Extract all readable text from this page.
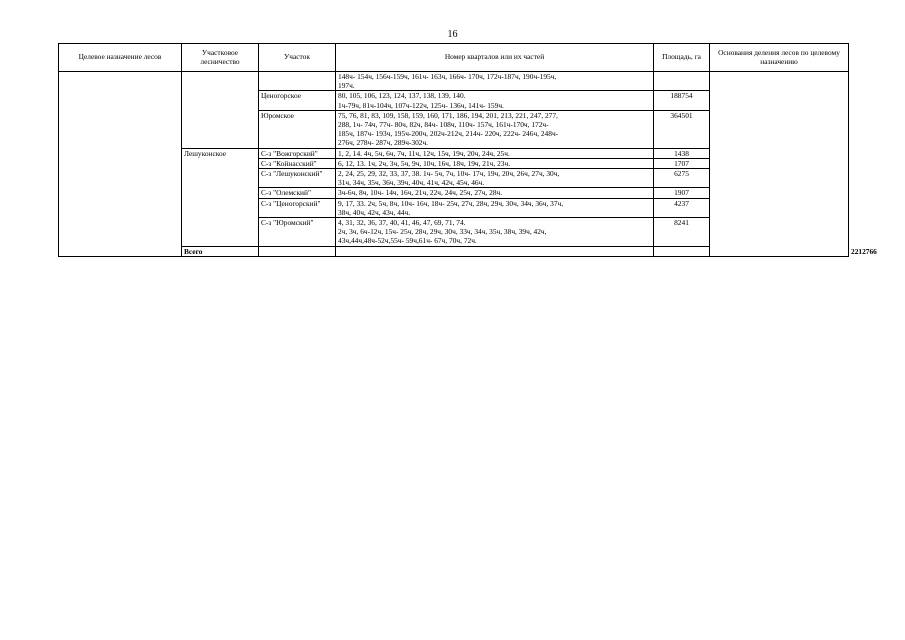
16
Целевое назначение лесов	Участковое лесничество	Участок	Номер кварталов или их частей	Площадь, га	Основания деления лесов по целевому назначению	

			148ч- 154ч, 156ч-159ч, 161ч- 163ч, 166ч- 170ч, 172ч-187ч, 190ч-195ч,
197ч.			

		Ценогорское	80, 105, 106, 123, 124, 137, 138, 139, 140.
1ч-79ч, 81ч-104ч, 107ч-122ч, 125ч- 136ч, 141ч- 159ч.	188754		
		Юромское	75, 76, 81, 83, 109, 158, 159, 160, 171, 186, 194, 201, 213, 221, 247, 277,
288, 1ч- 74ч, 77ч- 80ч, 82ч, 84ч- 108ч, 110ч- 157ч, 161ч-170ч, 172ч-
185ч, 187ч- 193ч, 195ч-200ч, 202ч-212ч, 214ч- 220ч, 222ч- 246ч, 248ч-
276ч, 278ч- 287ч, 289ч-302ч.	364501		
	Лешуконское	С-з "Вожгорский"	1, 2, 14. 4ч, 5ч, 6ч, 7ч, 11ч, 12ч, 15ч, 19ч, 20ч, 24ч, 25ч.	1438		
		С-з "Койнасский"	6, 12, 13. 1ч, 2ч, 3ч, 5ч, 9ч, 10ч, 16ч, 18ч, 19ч, 21ч, 23ч.	1707		
		С-з "Лешуконский"	2, 24, 25, 29, 32, 33, 37, 38. 1ч- 5ч, 7ч, 10ч- 17ч, 19ч, 20ч, 26ч, 27ч, 30ч,
31ч, 34ч, 35ч, 36ч, 39ч, 40ч, 41ч, 42ч, 45ч, 46ч.	6275		
		С-з "Олемский"	3ч-6ч, 8ч, 10ч- 14ч, 16ч, 21ч, 22ч, 24ч, 25ч, 27ч, 28ч.	1907		
		С-з "Ценогорский"	9, 17, 33. 2ч, 5ч, 8ч, 10ч- 16ч, 18ч- 25ч, 27ч, 28ч, 29ч, 30ч, 34ч, 36ч, 37ч,
38ч, 40ч, 42ч, 43ч, 44ч.	4237		
		С-з "Юромский"	4, 31, 32, 36, 37, 40, 41, 46, 47, 69, 71, 74.
2ч, 3ч, 6ч-12ч, 15ч- 25ч, 28ч, 29ч, 30ч, 33ч, 34ч, 35ч, 38ч, 39ч, 42ч,
43ч,44ч,48ч-52ч,55ч- 59ч,61ч- 67ч, 70ч, 72ч.	8241		
	Всего					2212766	
